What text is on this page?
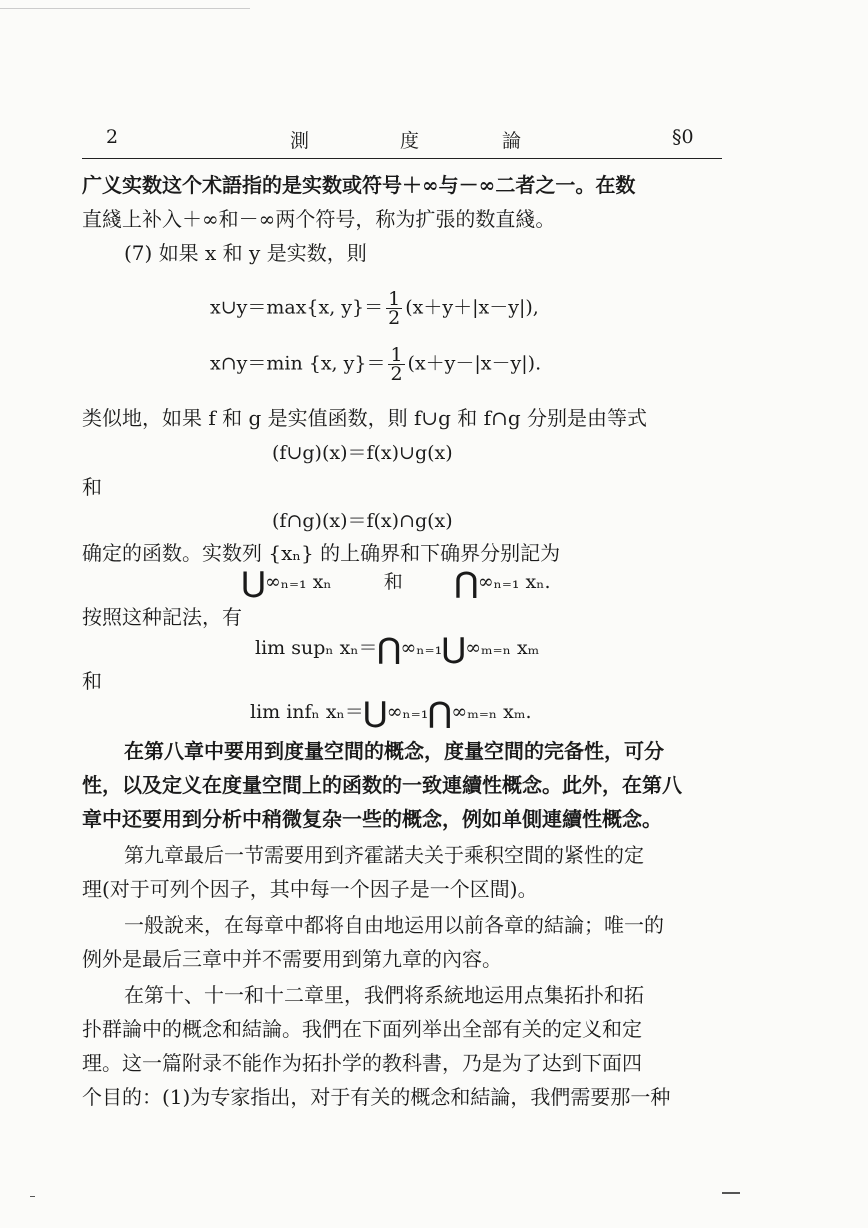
2	測	度	論	§0
广义实数这个术語指的是实数或符号＋∞与－∞二者之一。在数
直綫上补入＋∞和－∞两个符号，称为扩張的数直綫。
(7) 如果 x 和 y 是实数，則
x∪y＝max{x, $y\}= \frac{1}{2} (x+y+|x-y|)$,
x∩y＝min {x, $y\}= \frac{1}{2} (x+y-|x-y|)$.
类似地，如果 f 和 g 是实值函数，則 f∪g 和 f∩g 分别是由等式
(f∪g)(x)＝f(x)∪g(x)
和
(f∩g)(x)＝f(x)∩g(x)
确定的函数。实数列 {xₙ} 的上确界和下确界分别記为
⋃∞ₙ₌₁ xₙ	和 ⋂∞ₙ₌₁ xₙ.
按照这种記法，有
lim supₙ xₙ＝⋂∞ₙ₌₁⋃∞ₘ₌ₙ xₘ
和
lim infₙ xₙ＝⋃∞ₙ₌₁⋂∞ₘ₌ₙ xₘ.
在第八章中要用到度量空間的概念，度量空間的完备性，可分
性，以及定义在度量空間上的函数的一致連續性概念。此外，在第八
章中还要用到分析中稍微复杂一些的概念，例如单側連續性概念。
第九章最后一节需要用到齐霍諾夫关于乘积空間的紧性的定
理(对于可列个因子，其中每一个因子是一个区間)。
一般說来，在每章中都将自由地运用以前各章的結論；唯一的
例外是最后三章中并不需要用到第九章的內容。
在第十、十一和十二章里，我們将系統地运用点集拓扑和拓
扑群論中的概念和結論。我們在下面列举出全部有关的定义和定
理。这一篇附录不能作为拓扑学的教科書，乃是为了达到下面四
个目的：(1)为专家指出，对于有关的概念和結論，我們需要那一种
